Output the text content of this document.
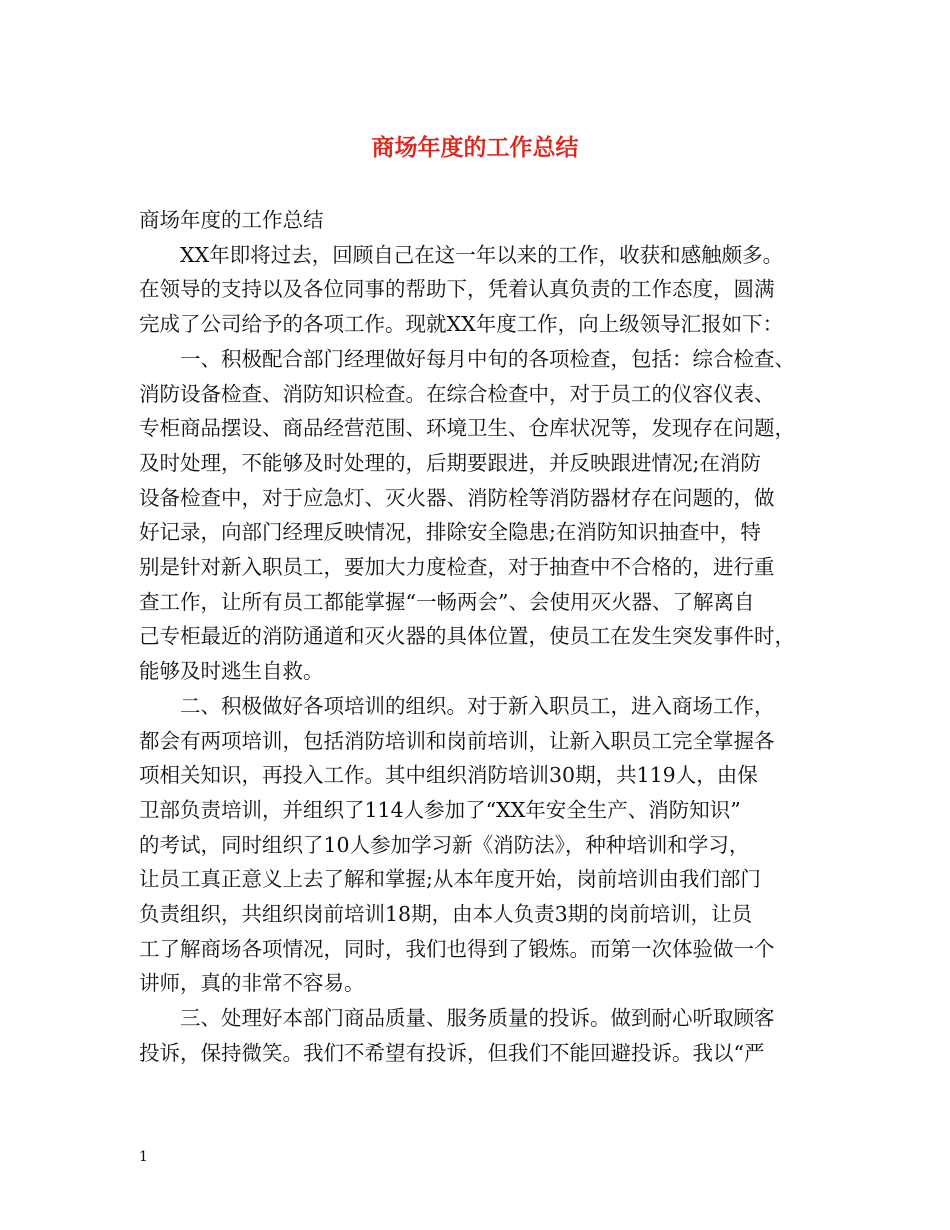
商场年度的工作总结
商场年度的工作总结
　　XX年即将过去，回顾自己在这一年以来的工作，收获和感触颇多。
在领导的支持以及各位同事的帮助下，凭着认真负责的工作态度，圆满
完成了公司给予的各项工作。现就XX年度工作，向上级领导汇报如下：
　　一、积极配合部门经理做好每月中旬的各项检查，包括：综合检查、
消防设备检查、消防知识检查。在综合检查中，对于员工的仪容仪表、
专柜商品摆设、商品经营范围、环境卫生、仓库状况等，发现存在问题，
及时处理，不能够及时处理的，后期要跟进，并反映跟进情况;在消防
设备检查中，对于应急灯、灭火器、消防栓等消防器材存在问题的，做
好记录，向部门经理反映情况，排除安全隐患;在消防知识抽查中，特
别是针对新入职员工，要加大力度检查，对于抽查中不合格的，进行重
查工作，让所有员工都能掌握“一畅两会”、会使用灭火器、了解离自
己专柜最近的消防通道和灭火器的具体位置，使员工在发生突发事件时，
能够及时逃生自救。
　　二、积极做好各项培训的组织。对于新入职员工，进入商场工作，
都会有两项培训，包括消防培训和岗前培训，让新入职员工完全掌握各
项相关知识，再投入工作。其中组织消防培训30期，共119人，由保
卫部负责培训，并组织了114人参加了“XX年安全生产、消防知识”
的考试，同时组织了10人参加学习新《消防法》，种种培训和学习，
让员工真正意义上去了解和掌握;从本年度开始，岗前培训由我们部门
负责组织，共组织岗前培训18期，由本人负责3期的岗前培训，让员
工了解商场各项情况，同时，我们也得到了锻炼。而第一次体验做一个
讲师，真的非常不容易。
　　三、处理好本部门商品质量、服务质量的投诉。做到耐心听取顾客
投诉，保持微笑。我们不希望有投诉，但我们不能回避投诉。我以“严
1
